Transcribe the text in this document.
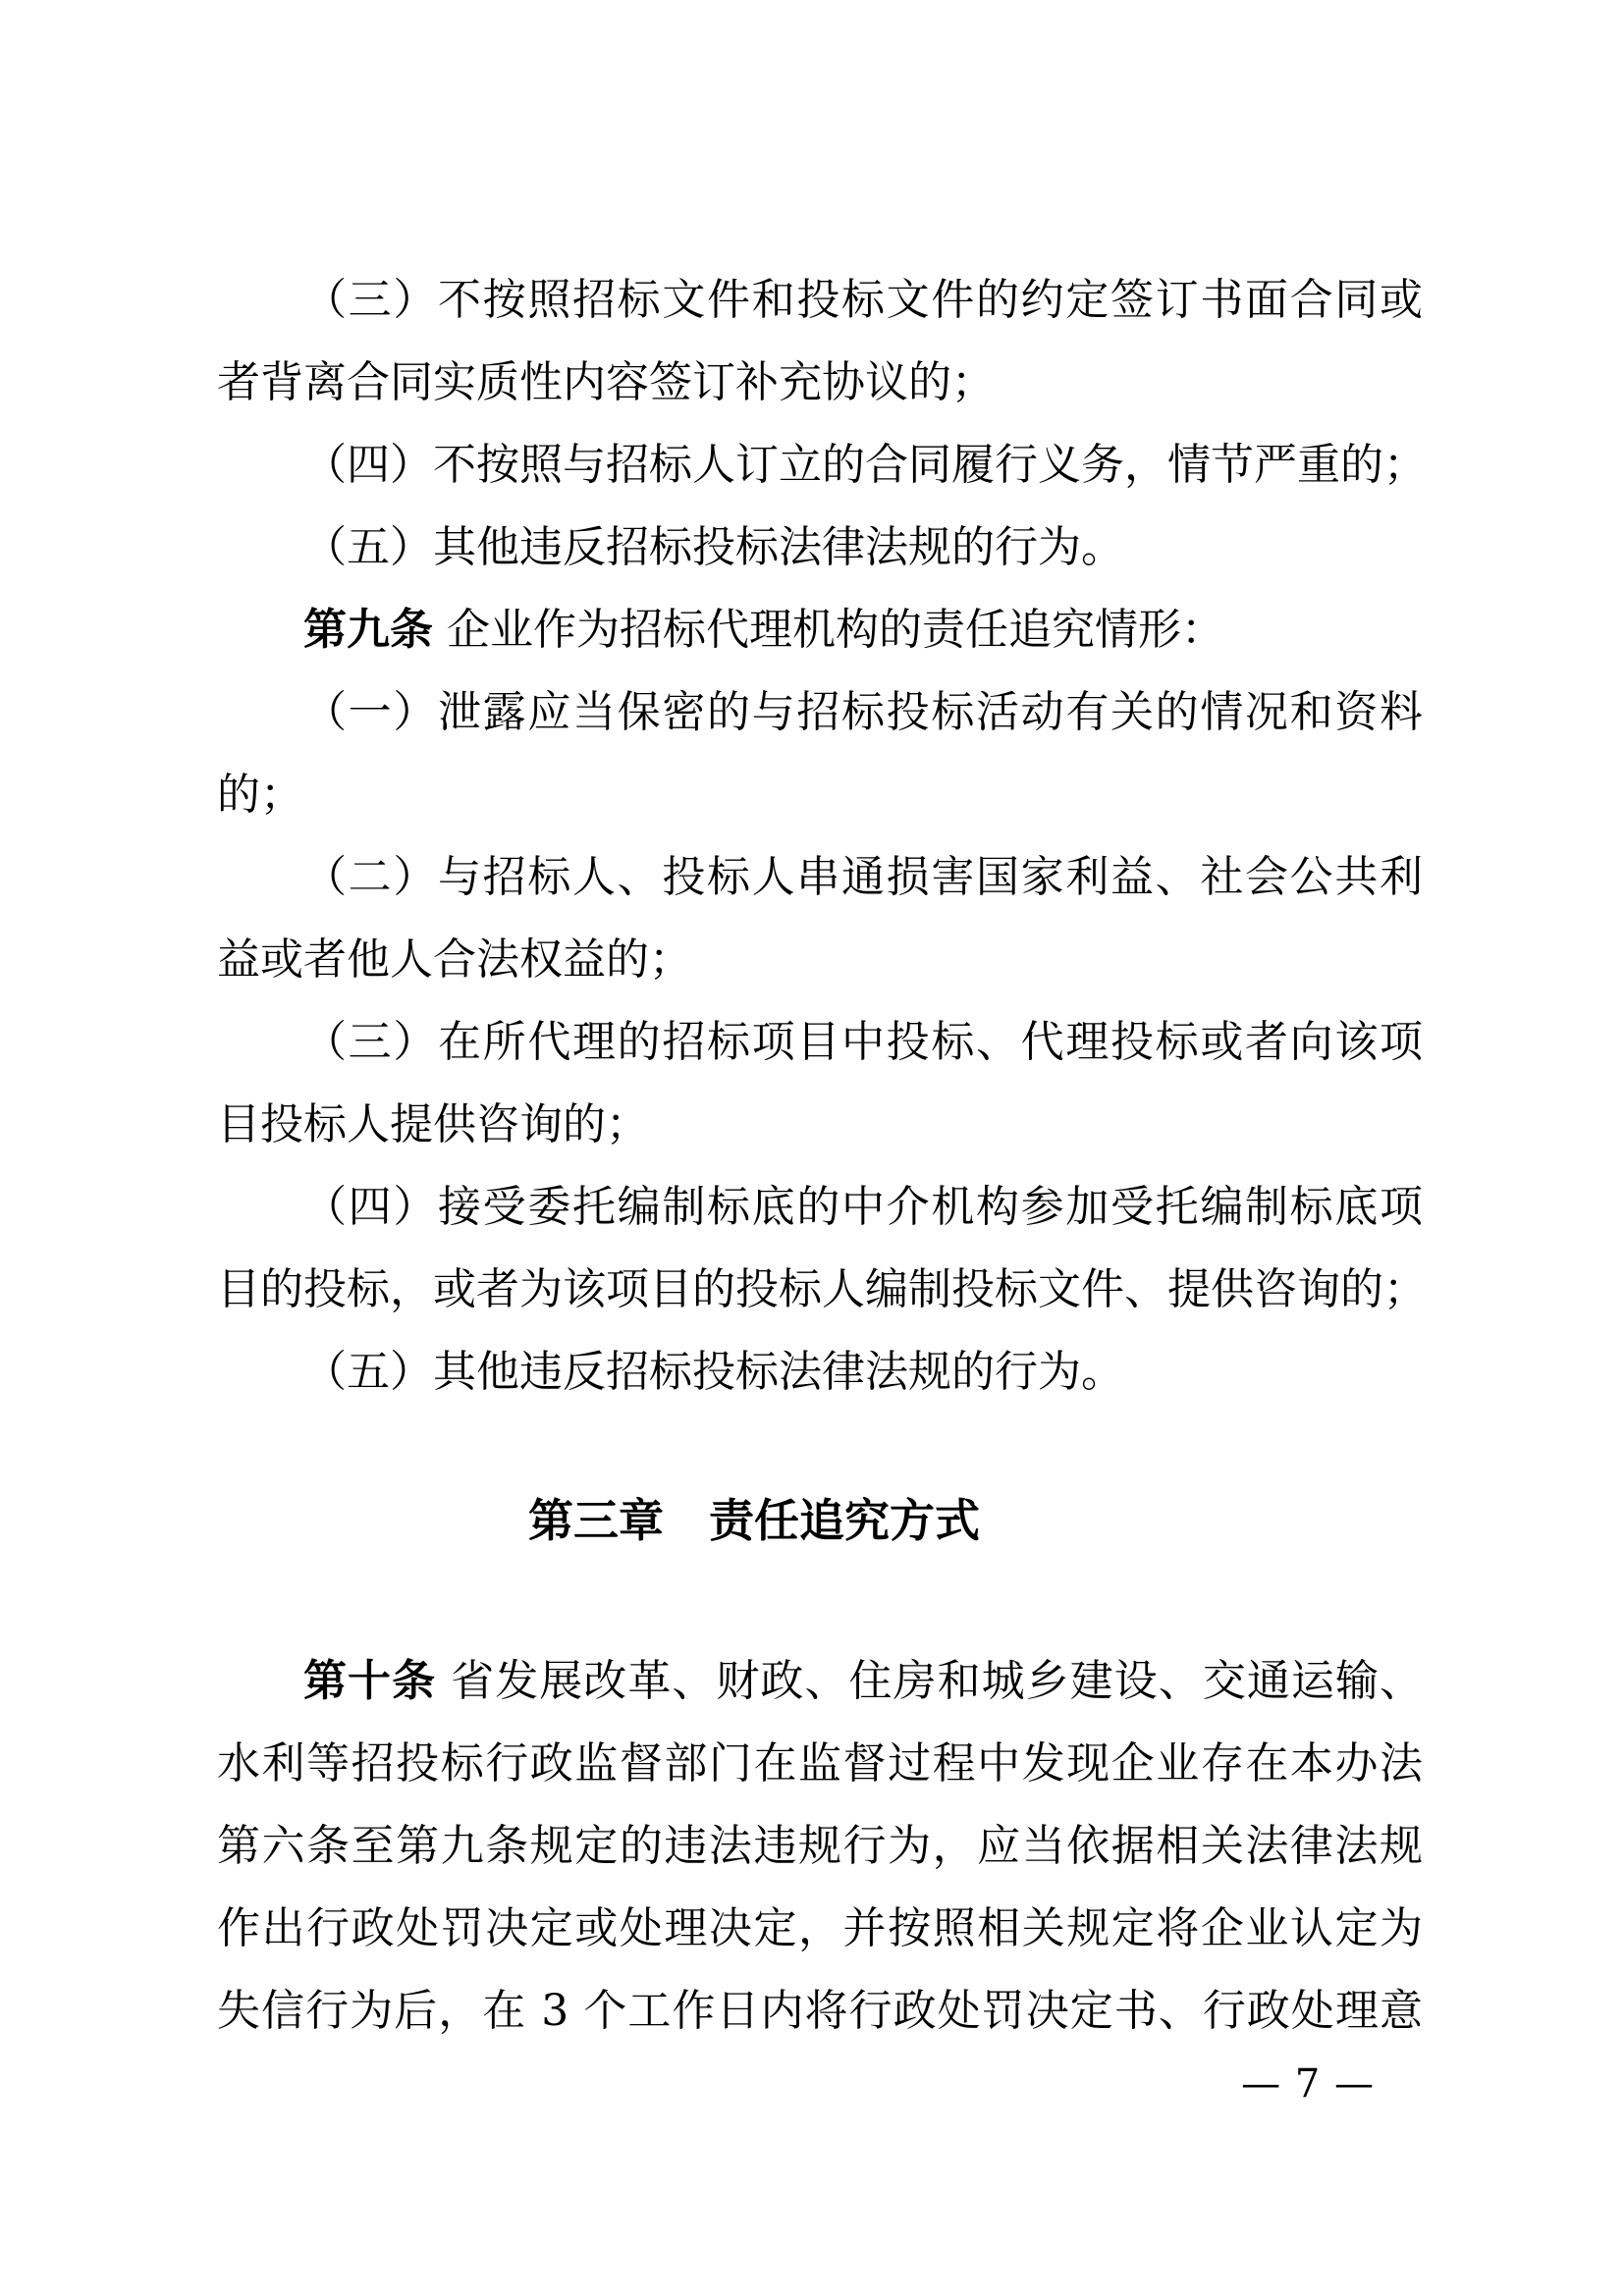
（三）不按照招标文件和投标文件的约定签订书面合同或
者背离合同实质性内容签订补充协议的；
（四）不按照与招标人订立的合同履行义务，情节严重的；
（五）其他违反招标投标法律法规的行为。
第九条 企业作为招标代理机构的责任追究情形：
（一）泄露应当保密的与招标投标活动有关的情况和资料
的；
（二）与招标人、投标人串通损害国家利益、社会公共利
益或者他人合法权益的；
（三）在所代理的招标项目中投标、代理投标或者向该项
目投标人提供咨询的；
（四）接受委托编制标底的中介机构参加受托编制标底项
目的投标，或者为该项目的投标人编制投标文件、提供咨询的；
（五）其他违反招标投标法律法规的行为。
第三章　责任追究方式
第十条 省发展改革、财政、住房和城乡建设、交通运输、
水利等招投标行政监督部门在监督过程中发现企业存在本办法
第六条至第九条规定的违法违规行为，应当依据相关法律法规
作出行政处罚决定或处理决定，并按照相关规定将企业认定为
失信行为后，在 3 个工作日内将行政处罚决定书、行政处理意
— 7 —
